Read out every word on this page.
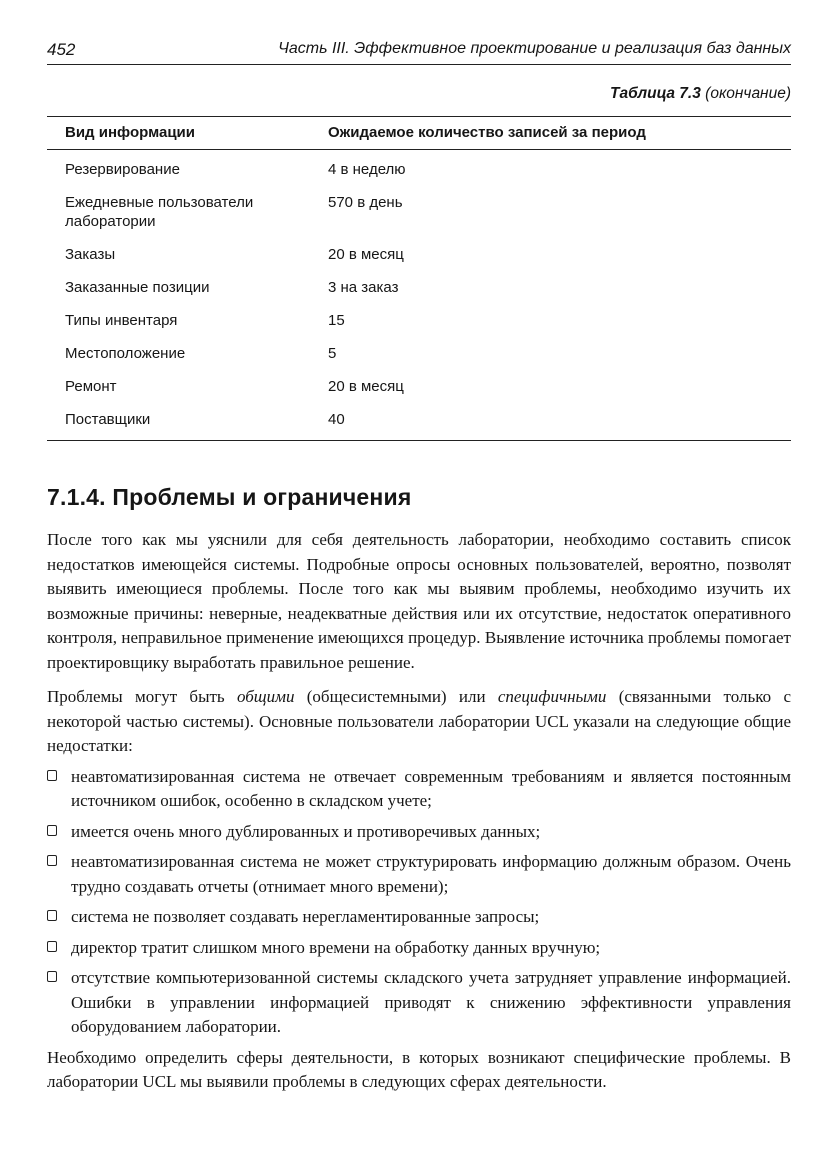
452	Часть III. Эффективное проектирование и реализация баз данных
Таблица 7.3 (окончание)
Вид информации	Ожидаемое количество записей за период
Резервирование	4 в неделю
Ежедневные пользователи лаборатории	570 в день
Заказы	20 в месяц
Заказанные позиции	3 на заказ
Типы инвентаря	15
Местоположение	5
Ремонт	20 в месяц
Поставщики	40
7.1.4. Проблемы и ограничения

После того как мы уяснили для себя деятельность лаборатории, необходимо составить список недостатков имеющейся системы. Подробные опросы основных пользователей, вероятно, позволят выявить имеющиеся проблемы. После того как мы выявим проблемы, необходимо изучить их возможные причины: неверные, неадекватные действия или их отсутствие, недостаток оперативного контроля, неправильное применение имеющихся процедур. Выявление источника проблемы помогает проектировщику выработать правильное решение.

Проблемы могут быть общими (общесистемными) или специфичными (связанными только с некоторой частью системы). Основные пользователи лаборатории UCL указали на следующие общие недостатки:

неавтоматизированная система не отвечает современным требованиям и является постоянным источником ошибок, особенно в складском учете;
имеется очень много дублированных и противоречивых данных;
неавтоматизированная система не может структурировать информацию должным образом. Очень трудно создавать отчеты (отнимает много времени);
система не позволяет создавать нерегламентированные запросы;
директор тратит слишком много времени на обработку данных вручную;
отсутствие компьютеризованной системы складского учета затрудняет управление информацией. Ошибки в управлении информацией приводят к снижению эффективности управления оборудованием лаборатории.

Необходимо определить сферы деятельности, в которых возникают специфические проблемы. В лаборатории UCL мы выявили проблемы в следующих сферах деятельности.
